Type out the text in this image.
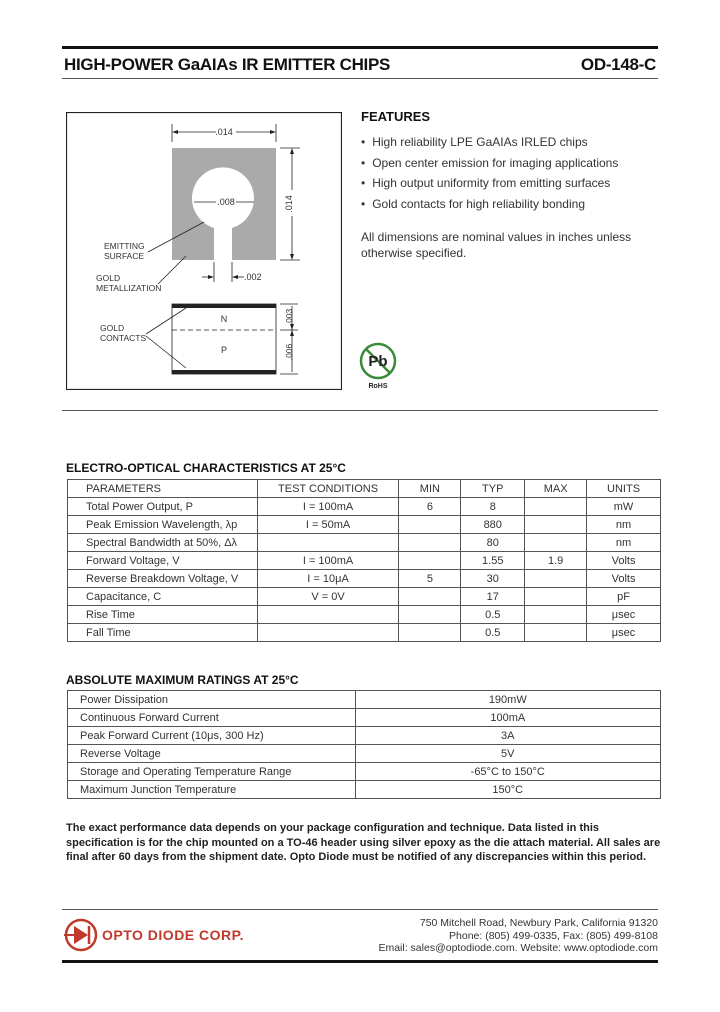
HIGH-POWER GaAIAs IR EMITTER CHIPS	OD-148-C
.014
.014
.008
EMITTING
SURFACE
GOLD
METALLIZATION
.002
N
P
GOLD
CONTACTS
.003
.006
FEATURES
• High reliability LPE GaAIAs IRLED chips
• Open center emission for imaging applications
• High output uniformity from emitting surfaces
• Gold contacts for high reliability bonding
All dimensions are nominal values in inches unless otherwise specified.
Pb
RoHS
ELECTRO-OPTICAL CHARACTERISTICS AT 25°C
PARAMETERS	TEST CONDITIONS	MIN	TYP	MAX	UNITS
Total Power Output, P	I = 100mA	6	8		mW
Peak Emission Wavelength, λp	I = 50mA		880		nm
Spectral Bandwidth at 50%, Δλ			80		nm
Forward Voltage, V	I = 100mA		1.55	1.9	Volts
Reverse Breakdown Voltage, V	I = 10μA	5	30		Volts
Capacitance, C	V = 0V		17		pF
Rise Time			0.5		μsec
Fall Time			0.5		μsec
ABSOLUTE MAXIMUM RATINGS AT 25°C
Power Dissipation	190mW
Continuous Forward Current	100mA
Peak Forward Current (10μs, 300 Hz)	3A
Reverse Voltage	5V
Storage and Operating Temperature Range	-65°C to 150°C
Maximum Junction Temperature	150°C
The exact performance data depends on your package configuration and technique. Data listed in this specification is for the chip mounted on a TO-46 header using silver epoxy as the die attach material. All sales are final after 60 days from the shipment date. Opto Diode must be notified of any discrepancies within this period.
OPTO DIODE CORP.
750 Mitchell Road, Newbury Park, California 91320
Phone: (805) 499-0335, Fax: (805) 499-8108
Email: sales@optodiode.com. Website: www.optodiode.com
